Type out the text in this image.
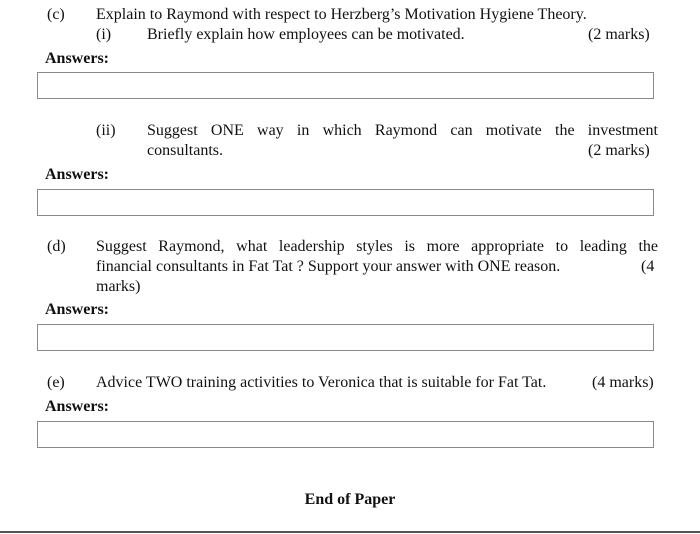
(c) Explain to Raymond with respect to Herzberg’s Motivation Hygiene Theory.
(i) Briefly explain how employees can be motivated.	(2 marks)
Answers:
(ii) Suggest ONE way in which Raymond can motivate the investment
consultants.	(2 marks)
Answers:
(d) Suggest Raymond, what leadership styles is more appropriate to leading the
financial consultants in Fat Tat ? Support your answer with ONE reason.	(4
marks)
Answers:
(e) Advice TWO training activities to Veronica that is suitable for Fat Tat.	(4 marks)
Answers:
End of Paper
